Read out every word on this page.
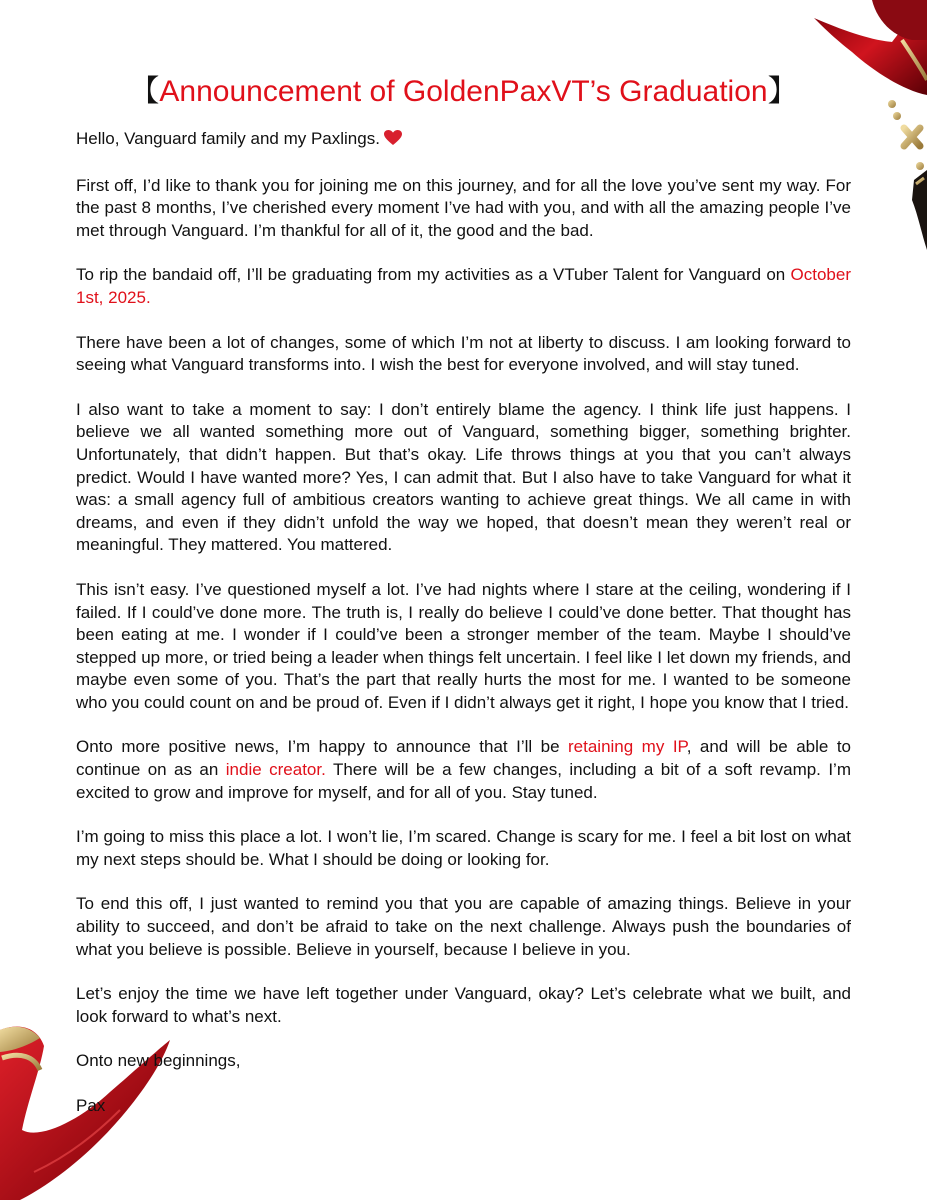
【Announcement of GoldenPaxVT’s Graduation】

Hello, Vanguard family and my Paxlings.

First off, I’d like to thank you for joining me on this journey, and for all the love you’ve sent my way. For the past 8 months, I’ve cherished every moment I’ve had with you, and with all the amazing people I’ve met through Vanguard. I’m thankful for all of it, the good and the bad.

To rip the bandaid off, I’ll be graduating from my activities as a VTuber Talent for Vanguard on October 1st, 2025.

There have been a lot of changes, some of which I’m not at liberty to discuss. I am looking forward to seeing what Vanguard transforms into. I wish the best for everyone involved, and will stay tuned.

I also want to take a moment to say: I don’t entirely blame the agency. I think life just happens. I believe we all wanted something more out of Vanguard, something bigger, something brighter. Unfortunately, that didn’t happen. But that’s okay. Life throws things at you that you can’t always predict. Would I have wanted more? Yes, I can admit that. But I also have to take Vanguard for what it was: a small agency full of ambitious creators wanting to achieve great things. We all came in with dreams, and even if they didn’t unfold the way we hoped, that doesn’t mean they weren’t real or meaningful. They mattered. You mattered.

This isn’t easy. I’ve questioned myself a lot. I’ve had nights where I stare at the ceiling, wondering if I failed. If I could’ve done more. The truth is, I really do believe I could’ve done better. That thought has been eating at me. I wonder if I could’ve been a stronger member of the team. Maybe I should’ve stepped up more, or tried being a leader when things felt uncertain. I feel like I let down my friends, and maybe even some of you. That’s the part that really hurts the most for me. I wanted to be someone who you could count on and be proud of. Even if I didn’t always get it right, I hope you know that I tried.

Onto more positive news, I’m happy to announce that I’ll be retaining my IP, and will be able to continue on as an indie creator. There will be a few changes, including a bit of a soft revamp. I’m excited to grow and improve for myself, and for all of you. Stay tuned.

I’m going to miss this place a lot. I won’t lie, I’m scared. Change is scary for me. I feel a bit lost on what my next steps should be. What I should be doing or looking for.

To end this off, I just wanted to remind you that you are capable of amazing things. Believe in your ability to succeed, and don’t be afraid to take on the next challenge. Always push the boundaries of what you believe is possible. Believe in yourself, because I believe in you.

Let’s enjoy the time we have left together under Vanguard, okay? Let’s celebrate what we built, and look forward to what’s next.

Onto new beginnings,

Pax
